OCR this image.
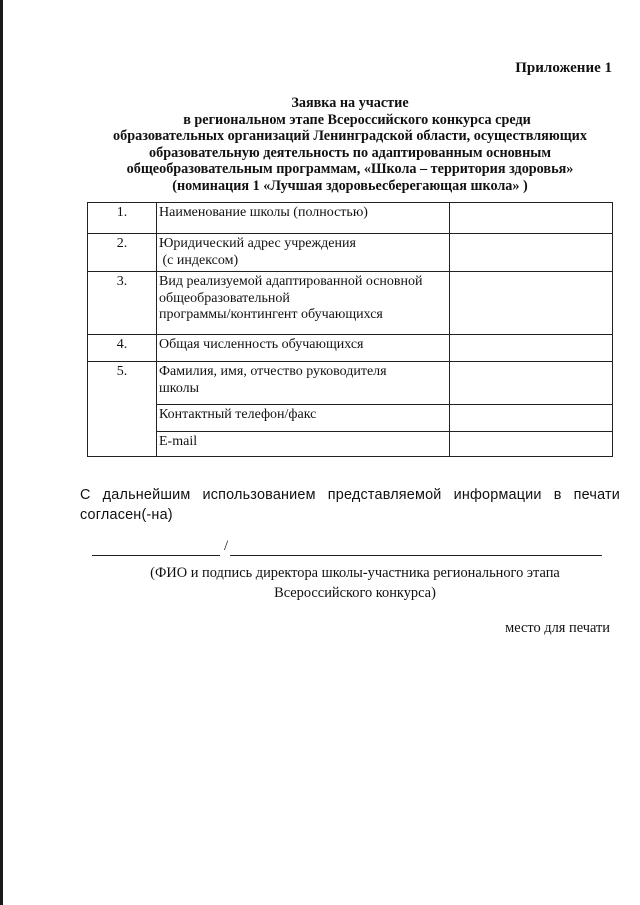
Приложение 1
Заявка на участие
в региональном этапе Всероссийского конкурса среди
образовательных организаций Ленинградской области, осуществляющих
образовательную деятельность по адаптированным основным
общеобразовательным программам, «Школа – территория здоровья»
(номинация 1 «Лучшая здоровьесберегающая школа» )
1.	Наименование школы (полностью)	
2.	Юридический адрес учреждения
(с индексом)	

3.	Вид реализуемой адаптированной основной
общеобразовательной
программы/контингент обучающихся	

4.	Общая численность обучающихся	
5.	Фамилия, имя, отчество руководителя
школы	

	Контактный телефон/факс	
	E-mail	
С дальнейшим использованием представляемой информации в печати согласен(-на)
/
(ФИО и подпись директора школы-участника регионального этапа
Всероссийского конкурса)
место для печати
